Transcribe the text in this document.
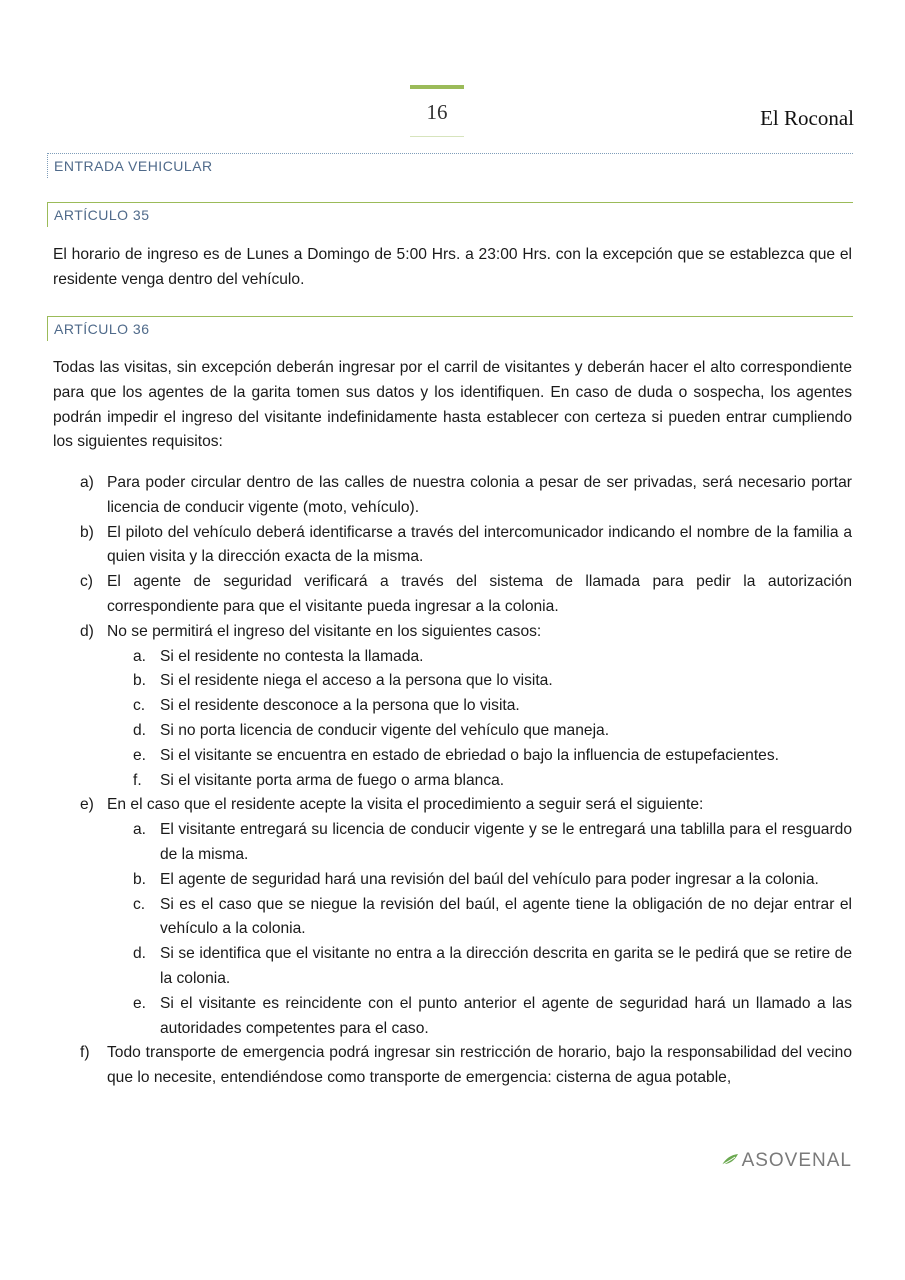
16	El Roconal
ENTRADA VEHICULAR
ARTÍCULO 35

El horario de ingreso es de Lunes a Domingo de 5:00 Hrs. a 23:00 Hrs. con la excepción que se establezca que el residente venga dentro del vehículo.

ARTÍCULO 36

Todas las visitas, sin excepción deberán ingresar por el carril de visitantes y deberán hacer el alto correspondiente para que los agentes de la garita tomen sus datos y los identifiquen. En caso de duda o sospecha, los agentes podrán impedir el ingreso del visitante indefinidamente hasta establecer con certeza si pueden entrar cumpliendo los siguientes requisitos:

a) Para poder circular dentro de las calles de nuestra colonia a pesar de ser privadas, será necesario portar licencia de conducir vigente (moto, vehículo).
b) El piloto del vehículo deberá identificarse a través del intercomunicador indicando el nombre de la familia a quien visita y la dirección exacta de la misma.
c) El agente de seguridad verificará a través del sistema de llamada para pedir la autorización correspondiente para que el visitante pueda ingresar a la colonia.
d) No se permitirá el ingreso del visitante en los siguientes casos:
a. Si el residente no contesta la llamada.
b. Si el residente niega el acceso a la persona que lo visita.
c. Si el residente desconoce a la persona que lo visita.
d. Si no porta licencia de conducir vigente del vehículo que maneja.
e. Si el visitante se encuentra en estado de ebriedad o bajo la influencia de estupefacientes.
f. Si el visitante porta arma de fuego o arma blanca.
e) En el caso que el residente acepte la visita el procedimiento a seguir será el siguiente:
a. El visitante entregará su licencia de conducir vigente y se le entregará una tablilla para el resguardo de la misma.
b. El agente de seguridad hará una revisión del baúl del vehículo para poder ingresar a la colonia.
c. Si es el caso que se niegue la revisión del baúl, el agente tiene la obligación de no dejar entrar el vehículo a la colonia.
d. Si se identifica que el visitante no entra a la dirección descrita en garita se le pedirá que se retire de la colonia.
e. Si el visitante es reincidente con el punto anterior el agente de seguridad hará un llamado a las autoridades competentes para el caso.
f) Todo transporte de emergencia podrá ingresar sin restricción de horario, bajo la responsabilidad del vecino que lo necesite, entendiéndose como transporte de emergencia: cisterna de agua potable,
ASOVENAL
